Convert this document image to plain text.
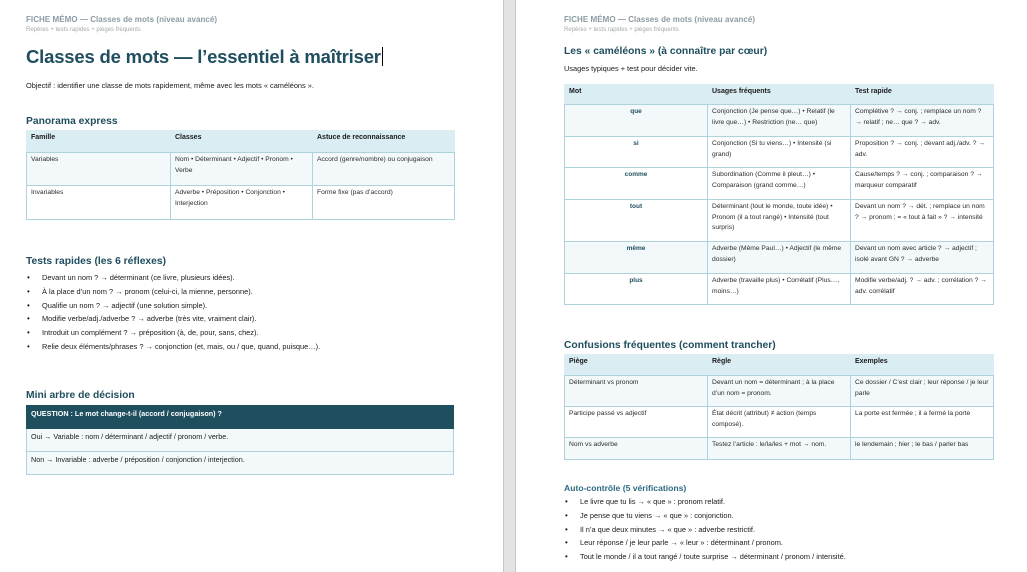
FICHE MÉMO — Classes de mots (niveau avancé)
Repères + tests rapides + pièges fréquents
Classes de mots — l’essentiel à maîtriser
Objectif : identifier une classe de mots rapidement, même avec les mots « caméléons ».
Panorama express
Famille	Classes	Astuce de reconnaissance
Variables	Nom • Déterminant • Adjectif • Pronom • Verbe	Accord (genre/nombre) ou conjugaison
Invariables	Adverbe • Préposition • Conjonction • Interjection	Forme fixe (pas d’accord)
Tests rapides (les 6 réflexes)
• Devant un nom ? → déterminant (ce livre, plusieurs idées).
• À la place d’un nom ? → pronom (celui-ci, la mienne, personne).
• Qualifie un nom ? → adjectif (une solution simple).
• Modifie verbe/adj./adverbe ? → adverbe (très vite, vraiment clair).
• Introduit un complément ? → préposition (à, de, pour, sans, chez).
• Relie deux éléments/phrases ? → conjonction (et, mais, ou / que, quand, puisque…).
Mini arbre de décision
QUESTION : Le mot change-t-il (accord / conjugaison) ?
Oui → Variable : nom / déterminant / adjectif / pronom / verbe.
Non → Invariable : adverbe / préposition / conjonction / interjection.
FICHE MÉMO — Classes de mots (niveau avancé)
Repères + tests rapides + pièges fréquents
Les « caméléons » (à connaître par cœur)
Usages typiques + test pour décider vite.
Mot	Usages fréquents	Test rapide
que	Conjonction (Je pense que…) • Relatif (le livre que…) • Restriction (ne… que)	Complétive ? → conj. ; remplace un nom ? → relatif ; ne… que ? → adv.
si	Conjonction (Si tu viens…) • Intensité (si grand)	Proposition ? → conj. ; devant adj./adv. ? → adv.
comme	Subordination (Comme il pleut…) • Comparaison (grand comme…)	Cause/temps ? → conj. ; comparaison ? → marqueur comparatif
tout	Déterminant (tout le monde, toute idée) • Pronom (il a tout rangé) • Intensité (tout surpris)	Devant un nom ? → dét. ; remplace un nom ? → pronom ; = « tout à fait » ? → intensité
même	Adverbe (Même Paul…) • Adjectif (le même dossier)	Devant un nom avec article ? → adjectif ; isolé avant GN ? → adverbe
plus	Adverbe (travaille plus) • Corrélatif (Plus…, moins…)	Modifie verbe/adj. ? → adv. ; corrélation ? → adv. corrélatif
Confusions fréquentes (comment trancher)
Piège	Règle	Exemples
Déterminant vs pronom	Devant un nom = déterminant ; à la place d’un nom = pronom.	Ce dossier / C’est clair ; leur réponse / je leur parle
Participe passé vs adjectif	État décrit (attribut) ≠ action (temps composé).	La porte est fermée ; il a fermé la porte
Nom vs adverbe	Testez l’article : le/la/les + mot → nom.	le lendemain ; hier ; le bas / parler bas
Auto-contrôle (5 vérifications)
• Le livre que tu lis → « que » : pronom relatif.
• Je pense que tu viens → « que » : conjonction.
• Il n’a que deux minutes → « que » : adverbe restrictif.
• Leur réponse / je leur parle → « leur » : déterminant / pronom.
• Tout le monde / il a tout rangé / toute surprise → déterminant / pronom / intensité.
